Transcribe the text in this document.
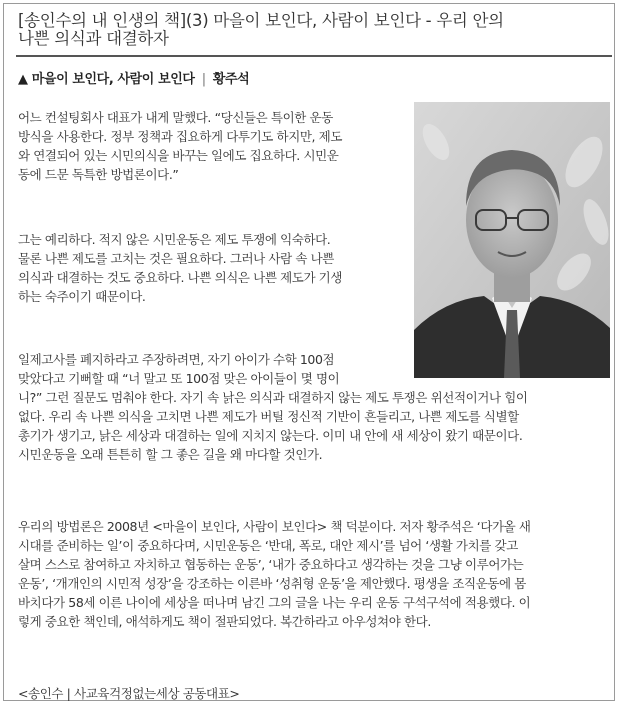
[송인수의 내 인생의 책](3) 마을이 보인다, 사람이 보인다 - 우리 안의
나쁜 의식과 대결하자
▲ 마을이 보인다, 사람이 보인다 | 황주석

어느 컨설팅회사 대표가 내게 말했다. “당신들은 특이한 운동
방식을 사용한다. 정부 정책과 집요하게 다투기도 하지만, 제도
와 연결되어 있는 시민의식을 바꾸는 일에도 집요하다. 시민운
동에 드문 독특한 방법론이다.”

그는 예리하다. 적지 않은 시민운동은 제도 투쟁에 익숙하다.
물론 나쁜 제도를 고치는 것은 필요하다. 그러나 사람 속 나쁜
의식과 대결하는 것도 중요하다. 나쁜 의식은 나쁜 제도가 기생
하는 숙주이기 때문이다.

일제고사를 폐지하라고 주장하려면, 자기 아이가 수학 100점
맞았다고 기뻐할 때 “너 말고 또 100점 맞은 아이들이 몇 명이
니?” 그런 질문도 멈춰야 한다. 자기 속 낡은 의식과 대결하지 않는 제도 투쟁은 위선적이거나 힘이
없다. 우리 속 나쁜 의식을 고치면 나쁜 제도가 버틸 정신적 기반이 흔들리고, 나쁜 제도를 식별할
총기가 생기고, 낡은 세상과 대결하는 일에 지치지 않는다. 이미 내 안에 새 세상이 왔기 때문이다.
시민운동을 오래 튼튼히 할 그 좋은 길을 왜 마다할 것인가.

우리의 방법론은 2008년 <마을이 보인다, 사람이 보인다> 책 덕분이다. 저자 황주석은 ‘다가올 새
시대를 준비하는 일’이 중요하다며, 시민운동은 ‘반대, 폭로, 대안 제시’를 넘어 ‘생활 가치를 갖고
살며 스스로 참여하고 자치하고 협동하는 운동’, ‘내가 중요하다고 생각하는 것을 그냥 이루어가는
운동’, ‘개개인의 시민적 성장’을 강조하는 이른바 ‘성취형 운동’을 제안했다. 평생을 조직운동에 몸
바치다가 58세 이른 나이에 세상을 떠나며 남긴 그의 글을 나는 우리 운동 구석구석에 적용했다. 이
렇게 중요한 책인데, 애석하게도 책이 절판되었다. 복간하라고 아우성쳐야 한다.

<송인수 | 사교육걱정없는세상 공동대표>
